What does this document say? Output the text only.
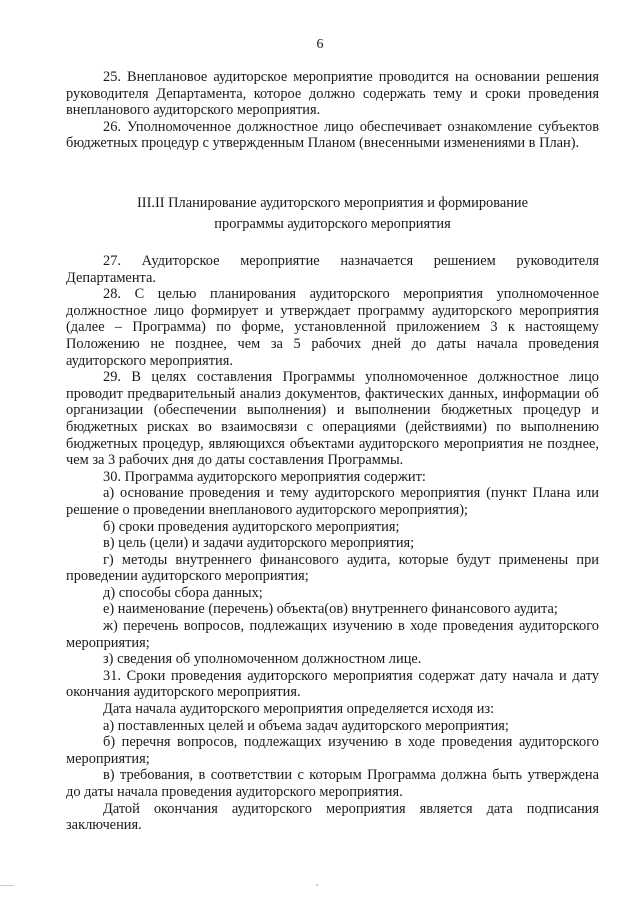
6

25. Внеплановое аудиторское мероприятие проводится на основании решения руководителя Департамента, которое должно содержать тему и сроки проведения внепланового аудиторского мероприятия.

26. Уполномоченное должностное лицо обеспечивает ознакомление субъектов бюджетных процедур с утвержденным Планом (внесенными изменениями в План).

III.II Планирование аудиторского мероприятия и формирование
программы аудиторского мероприятия

27. Аудиторское мероприятие назначается решением руководителя Департамента.

28. С целью планирования аудиторского мероприятия уполномоченное должностное лицо формирует и утверждает программу аудиторского мероприятия (далее – Программа) по форме, установленной приложением 3 к настоящему Положению не позднее, чем за 5 рабочих дней до даты начала проведения аудиторского мероприятия.

29. В целях составления Программы уполномоченное должностное лицо проводит предварительный анализ документов, фактических данных, информации об организации (обеспечении выполнения) и выполнении бюджетных процедур и бюджетных рисках во взаимосвязи с операциями (действиями) по выполнению бюджетных процедур, являющихся объектами аудиторского мероприятия не позднее, чем за 3 рабочих дня до даты составления Программы.

30. Программа аудиторского мероприятия содержит:

а) основание проведения и тему аудиторского мероприятия (пункт Плана или решение о проведении внепланового аудиторского мероприятия);

б) сроки проведения аудиторского мероприятия;

в) цель (цели) и задачи аудиторского мероприятия;

г) методы внутреннего финансового аудита, которые будут применены при проведении аудиторского мероприятия;

д) способы сбора данных;

е) наименование (перечень) объекта(ов) внутреннего финансового аудита;

ж) перечень вопросов, подлежащих изучению в ходе проведения аудиторского мероприятия;

з) сведения об уполномоченном должностном лице.

31. Сроки проведения аудиторского мероприятия содержат дату начала и дату окончания аудиторского мероприятия.

Дата начала аудиторского мероприятия определяется исходя из:

а) поставленных целей и объема задач аудиторского мероприятия;

б) перечня вопросов, подлежащих изучению в ходе проведения аудиторского мероприятия;

в) требования, в соответствии с которым Программа должна быть утверждена до даты начала проведения аудиторского мероприятия.

Датой окончания аудиторского мероприятия является дата подписания заключения.
